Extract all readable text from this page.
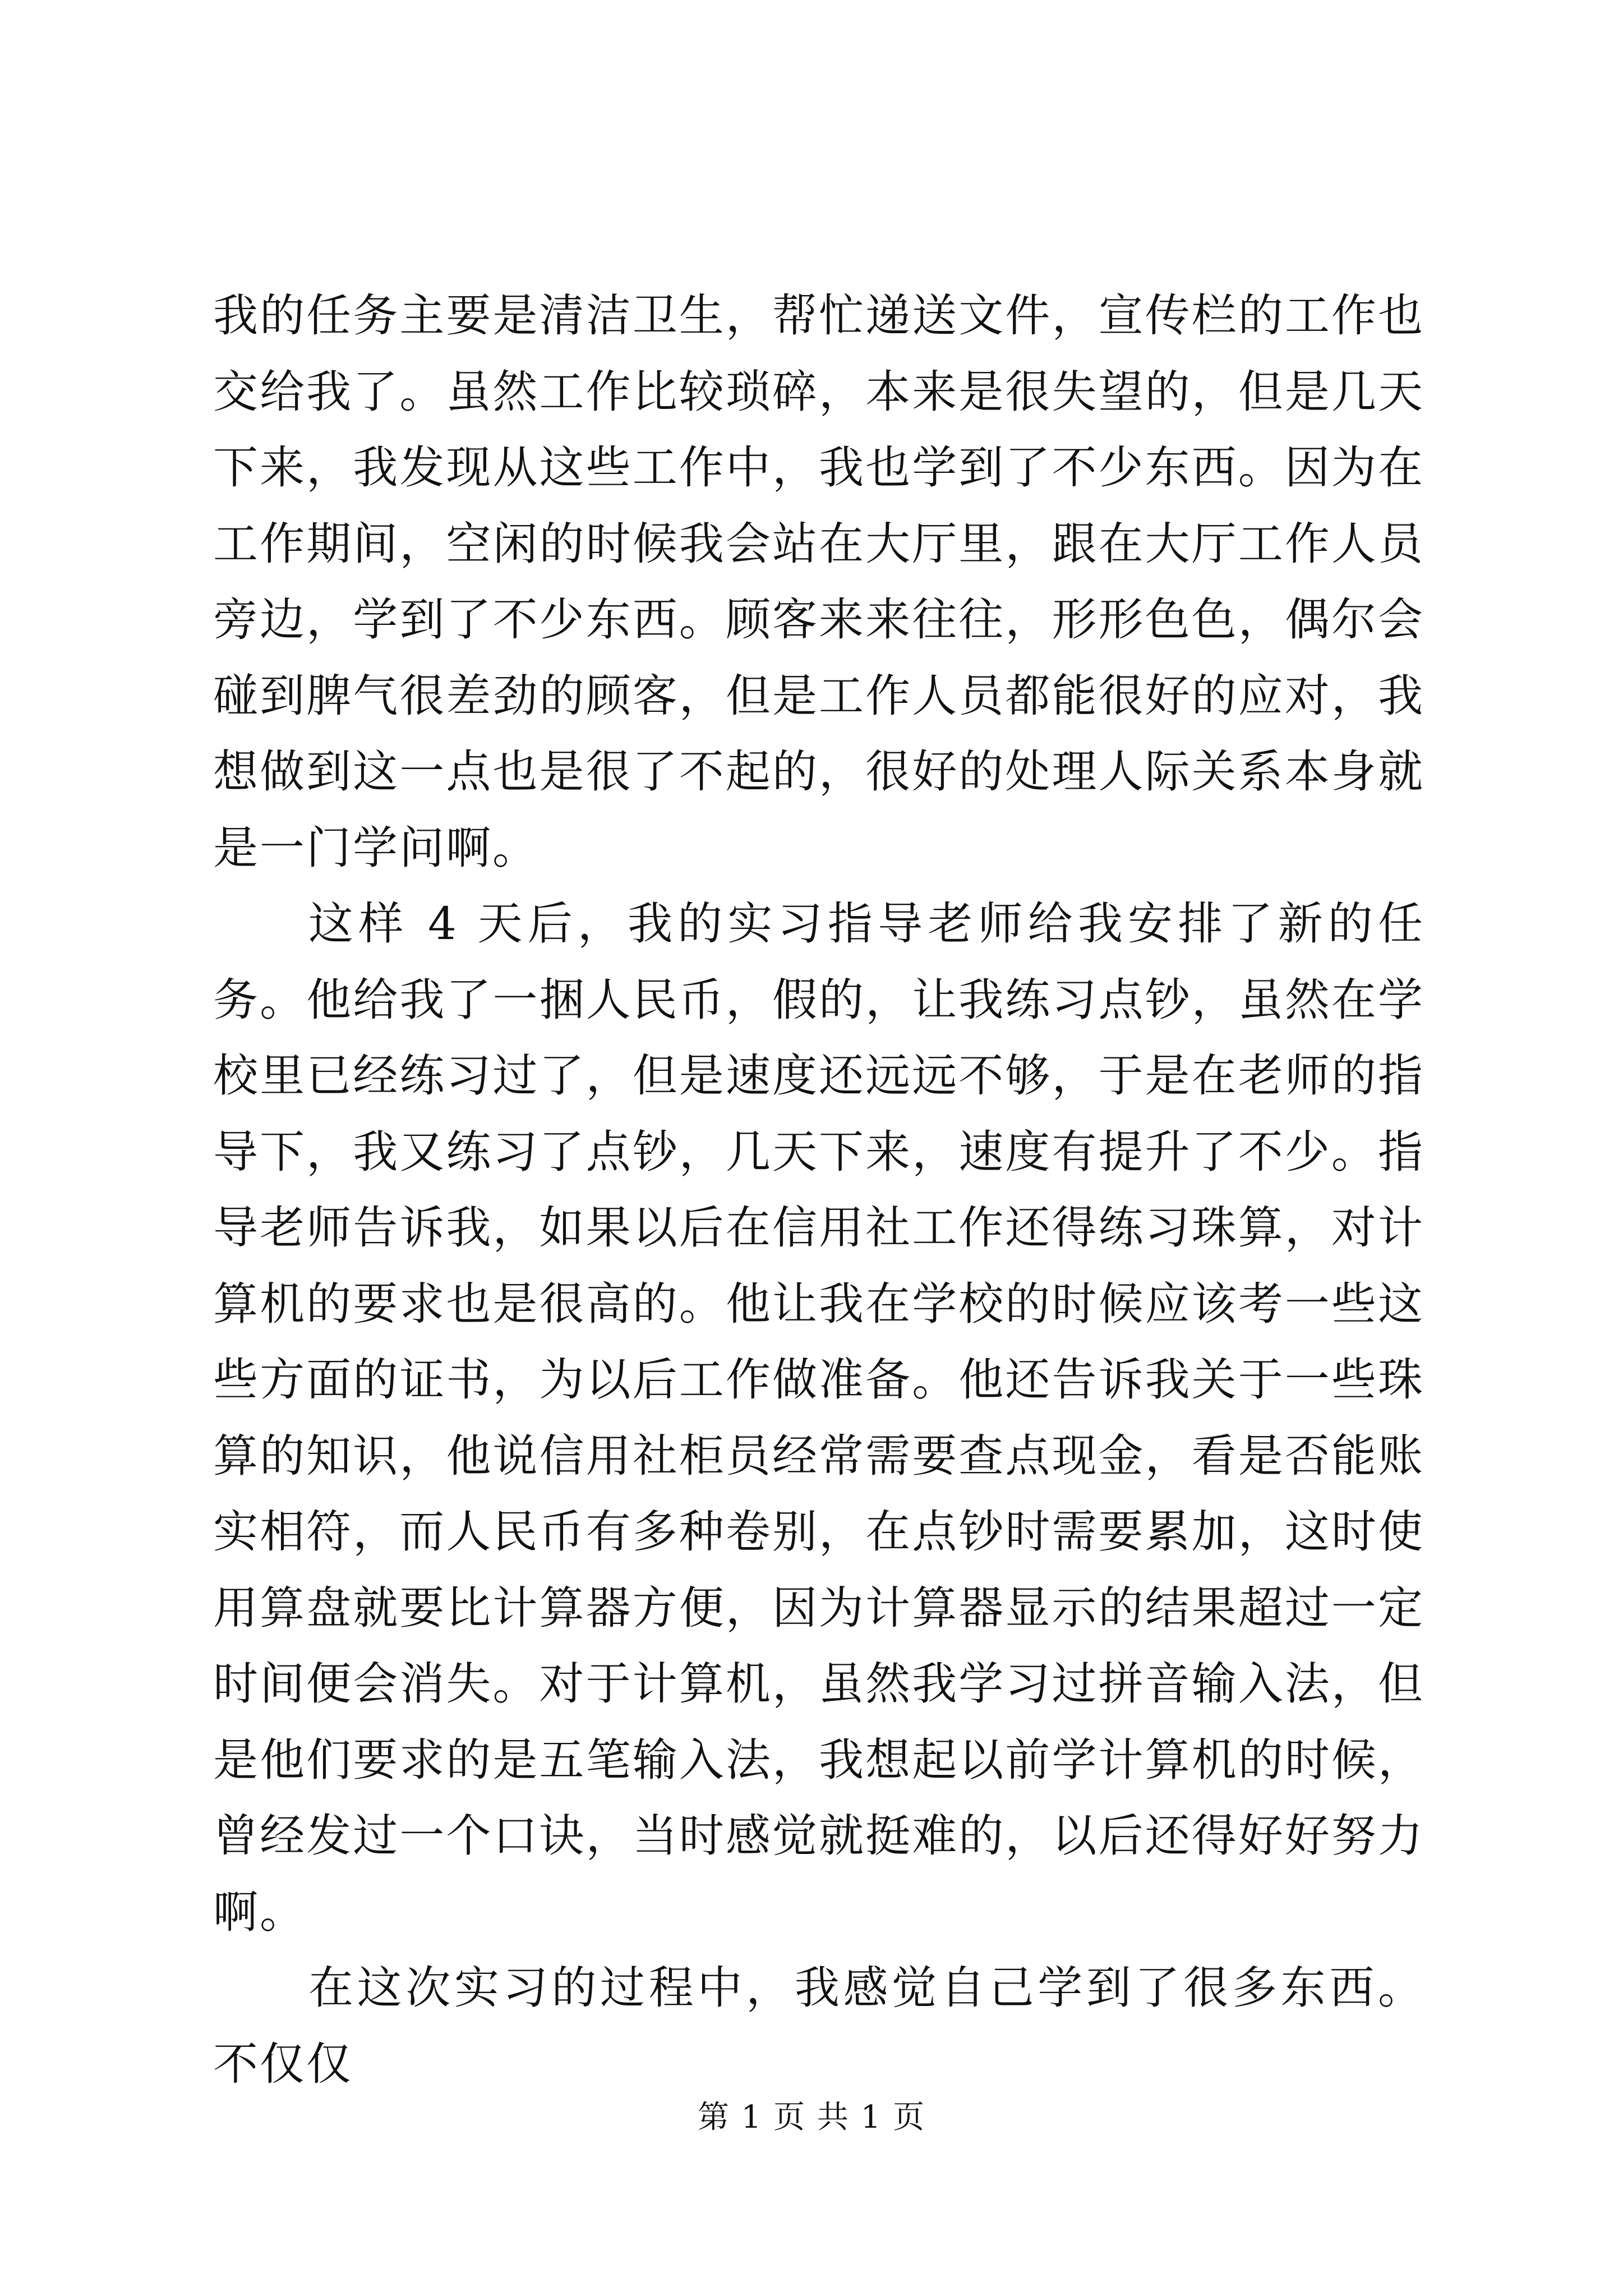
我的任务主要是清洁卫生，帮忙递送文件，宣传栏的工作也交给我了。虽然工作比较琐碎，本来是很失望的，但是几天下来，我发现从这些工作中，我也学到了不少东西。因为在工作期间，空闲的时候我会站在大厅里，跟在大厅工作人员旁边，学到了不少东西。顾客来来往往，形形色色，偶尔会碰到脾气很差劲的顾客，但是工作人员都能很好的应对，我想做到这一点也是很了不起的，很好的处理人际关系本身就是一门学问啊。

这样 4 天后，我的实习指导老师给我安排了新的任务。他给我了一捆人民币，假的，让我练习点钞，虽然在学校里已经练习过了，但是速度还远远不够，于是在老师的指导下，我又练习了点钞，几天下来，速度有提升了不少。指导老师告诉我，如果以后在信用社工作还得练习珠算，对计算机的要求也是很高的。他让我在学校的时候应该考一些这些方面的证书，为以后工作做准备。他还告诉我关于一些珠算的知识，他说信用社柜员经常需要查点现金，看是否能账实相符，而人民币有多种卷别，在点钞时需要累加，这时使用算盘就要比计算器方便，因为计算器显示的结果超过一定时间便会消失。对于计算机，虽然我学习过拼音输入法，但是他们要求的是五笔输入法，我想起以前学计算机的时候，曾经发过一个口诀，当时感觉就挺难的，以后还得好好努力啊。

在这次实习的过程中，我感觉自己学到了很多东西。不仅仅

第 1 页 共 1 页
